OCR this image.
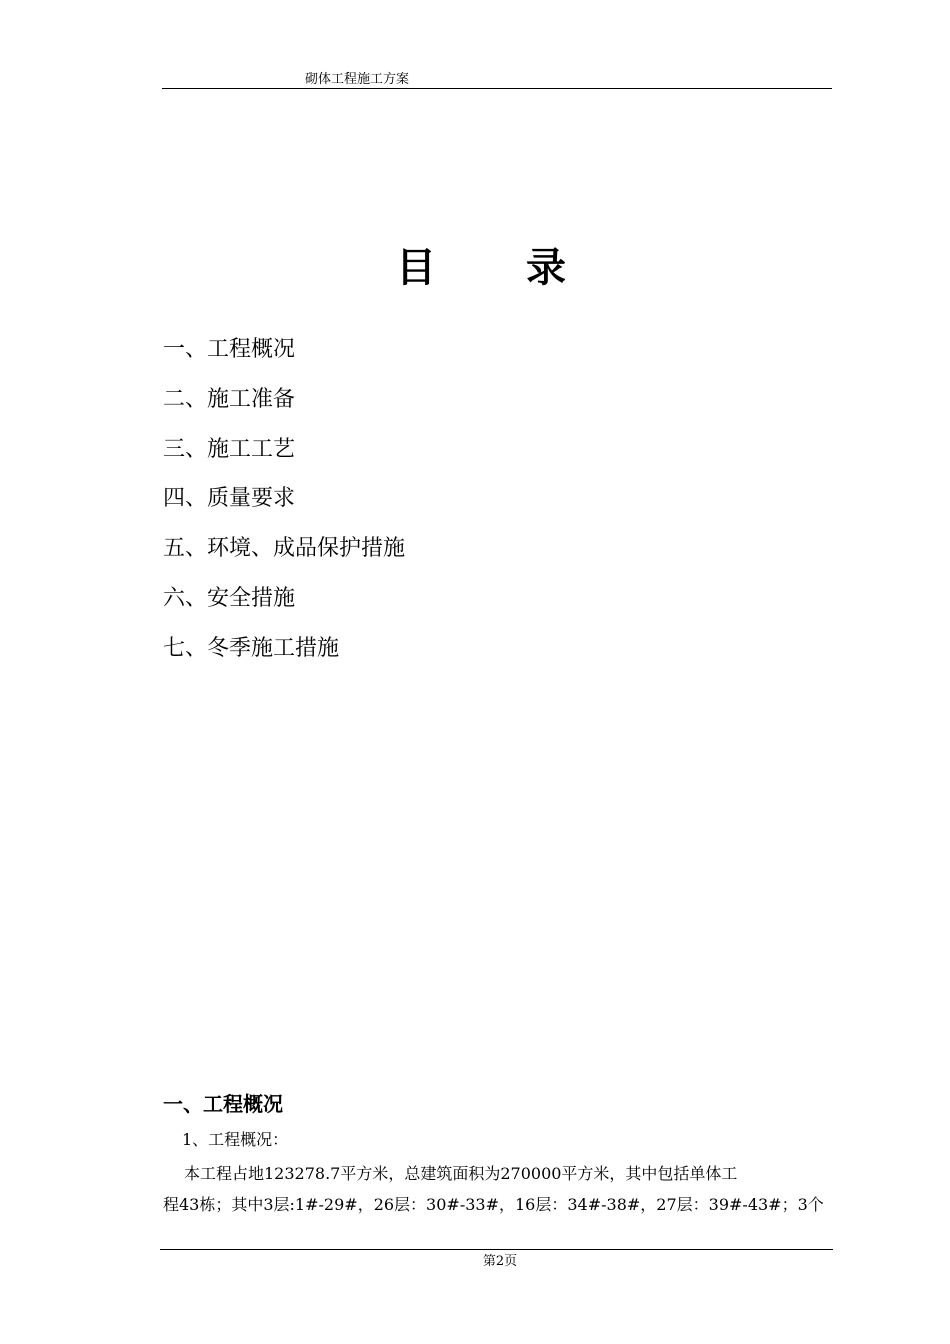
砌体工程施工方案
目 录
一、工程概况
二、施工准备
三、施工工艺
四、质量要求
五、环境、成品保护措施
六、安全措施
七、冬季施工措施
一、工程概况
1、工程概况：

本工程占地123278.7平方米，总建筑面积为270000平方米，其中包括单体工
程43栋；其中3层:1#-29#，26层：30#-33#，16层：34#-38#，27层：39#-43#；3个

第2页
